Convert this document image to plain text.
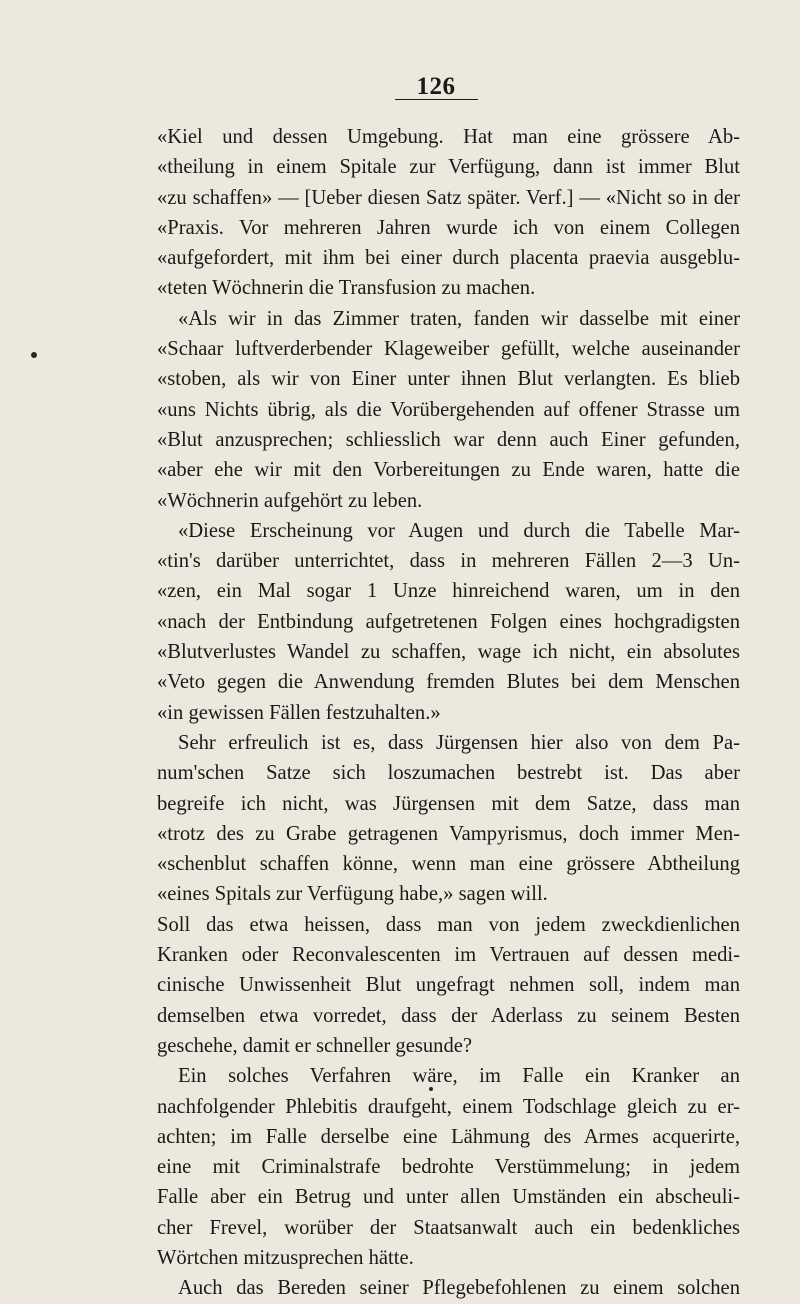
126
«Kiel und dessen Umgebung. Hat man eine grössere Ab-
«theilung in einem Spitale zur Verfügung, dann ist immer Blut
«zu schaffen» — [Ueber diesen Satz später. Verf.] — «Nicht so in der
«Praxis. Vor mehreren Jahren wurde ich von einem Collegen
«aufgefordert, mit ihm bei einer durch placenta praevia ausgeblu-
«teten Wöchnerin die Transfusion zu machen.
«Als wir in das Zimmer traten, fanden wir dasselbe mit einer
«Schaar luftverderbender Klageweiber gefüllt, welche auseinander
«stoben, als wir von Einer unter ihnen Blut verlangten. Es blieb
«uns Nichts übrig, als die Vorübergehenden auf offener Strasse um
«Blut anzusprechen; schliesslich war denn auch Einer gefunden,
«aber ehe wir mit den Vorbereitungen zu Ende waren, hatte die
«Wöchnerin aufgehört zu leben.
«Diese Erscheinung vor Augen und durch die Tabelle Mar-
«tin's darüber unterrichtet, dass in mehreren Fällen 2—3 Un-
«zen, ein Mal sogar 1 Unze hinreichend waren, um in den
«nach der Entbindung aufgetretenen Folgen eines hochgradigsten
«Blutverlustes Wandel zu schaffen, wage ich nicht, ein absolutes
«Veto gegen die Anwendung fremden Blutes bei dem Menschen
«in gewissen Fällen festzuhalten.»
Sehr erfreulich ist es, dass Jürgensen hier also von dem Pa-
num'schen Satze sich loszumachen bestrebt ist. Das aber
begreife ich nicht, was Jürgensen mit dem Satze, dass man
«trotz des zu Grabe getragenen Vampyrismus, doch immer Men-
«schenblut schaffen könne, wenn man eine grössere Abtheilung
«eines Spitals zur Verfügung habe,» sagen will.
Soll das etwa heissen, dass man von jedem zweckdienlichen
Kranken oder Reconvalescenten im Vertrauen auf dessen medi-
cinische Unwissenheit Blut ungefragt nehmen soll, indem man
demselben etwa vorredet, dass der Aderlass zu seinem Besten
geschehe, damit er schneller gesunde?
Ein solches Verfahren wäre, im Falle ein Kranker an
nachfolgender Phlebitis draufgeht, einem Todschlage gleich zu er-
achten; im Falle derselbe eine Lähmung des Armes acquerirte,
eine mit Criminalstrafe bedrohte Verstümmelung; in jedem
Falle aber ein Betrug und unter allen Umständen ein abscheuli-
cher Frevel, worüber der Staatsanwalt auch ein bedenkliches
Wörtchen mitzusprechen hätte.
Auch das Bereden seiner Pflegebefohlenen zu einem solchen
